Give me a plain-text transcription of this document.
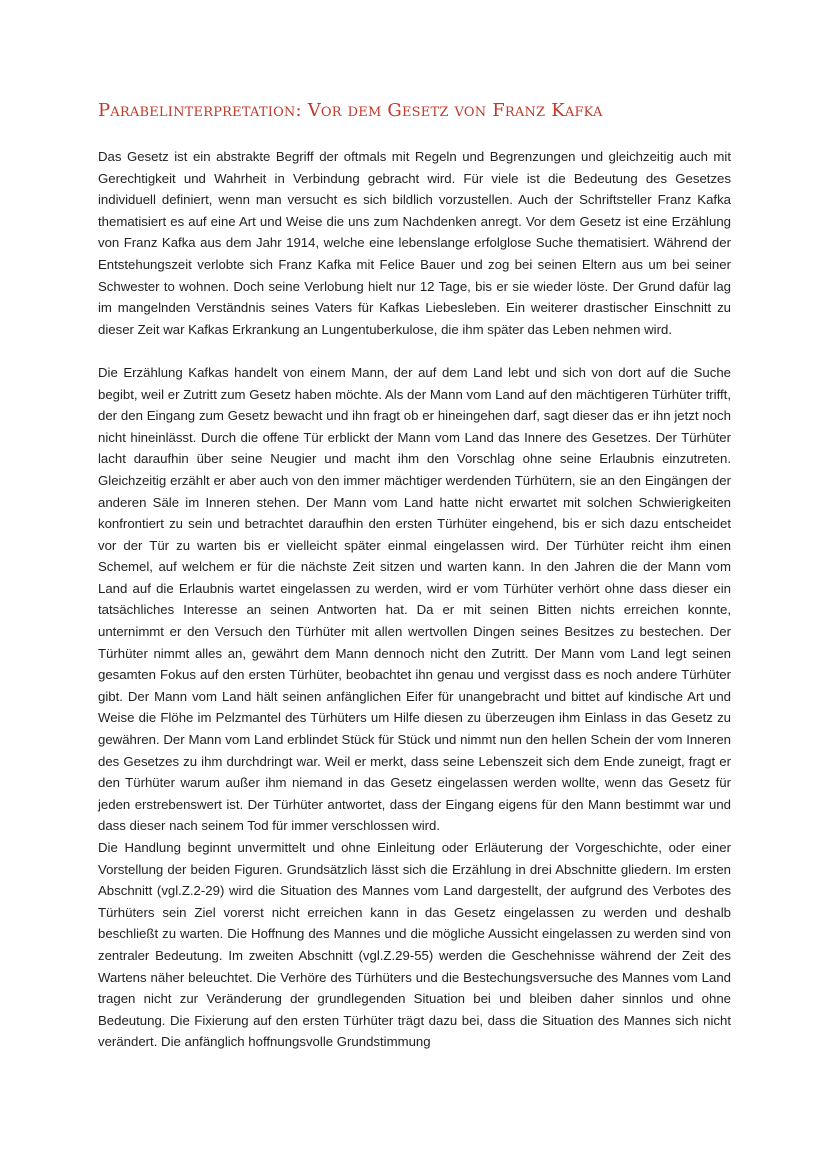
Parabelinterpretation: Vor dem Gesetz von Franz Kafka

Das Gesetz ist ein abstrakte Begriff der oftmals mit Regeln und Begrenzungen und gleichzeitig auch mit Gerechtigkeit und Wahrheit in Verbindung gebracht wird. Für viele ist die Bedeutung des Gesetzes individuell definiert, wenn man versucht es sich bildlich vorzustellen. Auch der Schriftsteller Franz Kafka thematisiert es auf eine Art und Weise die uns zum Nachdenken anregt. Vor dem Gesetz ist eine Erzählung von Franz Kafka aus dem Jahr 1914, welche eine lebenslange erfolglose Suche thematisiert. Während der Entstehungszeit verlobte sich Franz Kafka mit Felice Bauer und zog bei seinen Eltern aus um bei seiner Schwester to wohnen. Doch seine Verlobung hielt nur 12 Tage, bis er sie wieder löste. Der Grund dafür lag im mangelnden Verständnis seines Vaters für Kafkas Liebesleben. Ein weiterer drastischer Einschnitt zu dieser Zeit war Kafkas Erkrankung an Lungentuberkulose, die ihm später das Leben nehmen wird.

Die Erzählung Kafkas handelt von einem Mann, der auf dem Land lebt und sich von dort auf die Suche begibt, weil er Zutritt zum Gesetz haben möchte. Als der Mann vom Land auf den mächtigeren Türhüter trifft, der den Eingang zum Gesetz bewacht und ihn fragt ob er hineingehen darf, sagt dieser das er ihn jetzt noch nicht hineinlässt. Durch die offene Tür erblickt der Mann vom Land das Innere des Gesetzes. Der Türhüter lacht daraufhin über seine Neugier und macht ihm den Vorschlag ohne seine Erlaubnis einzutreten. Gleichzeitig erzählt er aber auch von den immer mächtiger werdenden Türhütern, sie an den Eingängen der anderen Säle im Inneren stehen. Der Mann vom Land hatte nicht erwartet mit solchen Schwierigkeiten konfrontiert zu sein und betrachtet daraufhin den ersten Türhüter eingehend, bis er sich dazu entscheidet vor der Tür zu warten bis er vielleicht später einmal eingelassen wird. Der Türhüter reicht ihm einen Schemel, auf welchem er für die nächste Zeit sitzen und warten kann. In den Jahren die der Mann vom Land auf die Erlaubnis wartet eingelassen zu werden, wird er vom Türhüter verhört ohne dass dieser ein tatsächliches Interesse an seinen Antworten hat. Da er mit seinen Bitten nichts erreichen konnte, unternimmt er den Versuch den Türhüter mit allen wertvollen Dingen seines Besitzes zu bestechen. Der Türhüter nimmt alles an, gewährt dem Mann dennoch nicht den Zutritt. Der Mann vom Land legt seinen gesamten Fokus auf den ersten Türhüter, beobachtet ihn genau und vergisst dass es noch andere Türhüter gibt. Der Mann vom Land hält seinen anfänglichen Eifer für unangebracht und bittet auf kindische Art und Weise die Flöhe im Pelzmantel des Türhüters um Hilfe diesen zu überzeugen ihm Einlass in das Gesetz zu gewähren. Der Mann vom Land erblindet Stück für Stück und nimmt nun den hellen Schein der vom Inneren des Gesetzes zu ihm durchdringt war. Weil er merkt, dass seine Lebenszeit sich dem Ende zuneigt, fragt er den Türhüter warum außer ihm niemand in das Gesetz eingelassen werden wollte, wenn das Gesetz für jeden erstrebenswert ist. Der Türhüter antwortet, dass der Eingang eigens für den Mann bestimmt war und dass dieser nach seinem Tod für immer verschlossen wird.

Die Handlung beginnt unvermittelt und ohne Einleitung oder Erläuterung der Vorgeschichte, oder einer Vorstellung der beiden Figuren. Grundsätzlich lässt sich die Erzählung in drei Abschnitte gliedern. Im ersten Abschnitt (vgl.Z.2-29) wird die Situation des Mannes vom Land dargestellt, der aufgrund des Verbotes des Türhüters sein Ziel vorerst nicht erreichen kann in das Gesetz eingelassen zu werden und deshalb beschließt zu warten. Die Hoffnung des Mannes und die mögliche Aussicht eingelassen zu werden sind von zentraler Bedeutung. Im zweiten Abschnitt (vgl.Z.29-55) werden die Geschehnisse während der Zeit des Wartens näher beleuchtet. Die Verhöre des Türhüters und die Bestechungsversuche des Mannes vom Land tragen nicht zur Veränderung der grundlegenden Situation bei und bleiben daher sinnlos und ohne Bedeutung. Die Fixierung auf den ersten Türhüter trägt dazu bei, dass die Situation des Mannes sich nicht verändert. Die anfänglich hoffnungsvolle Grundstimmung
